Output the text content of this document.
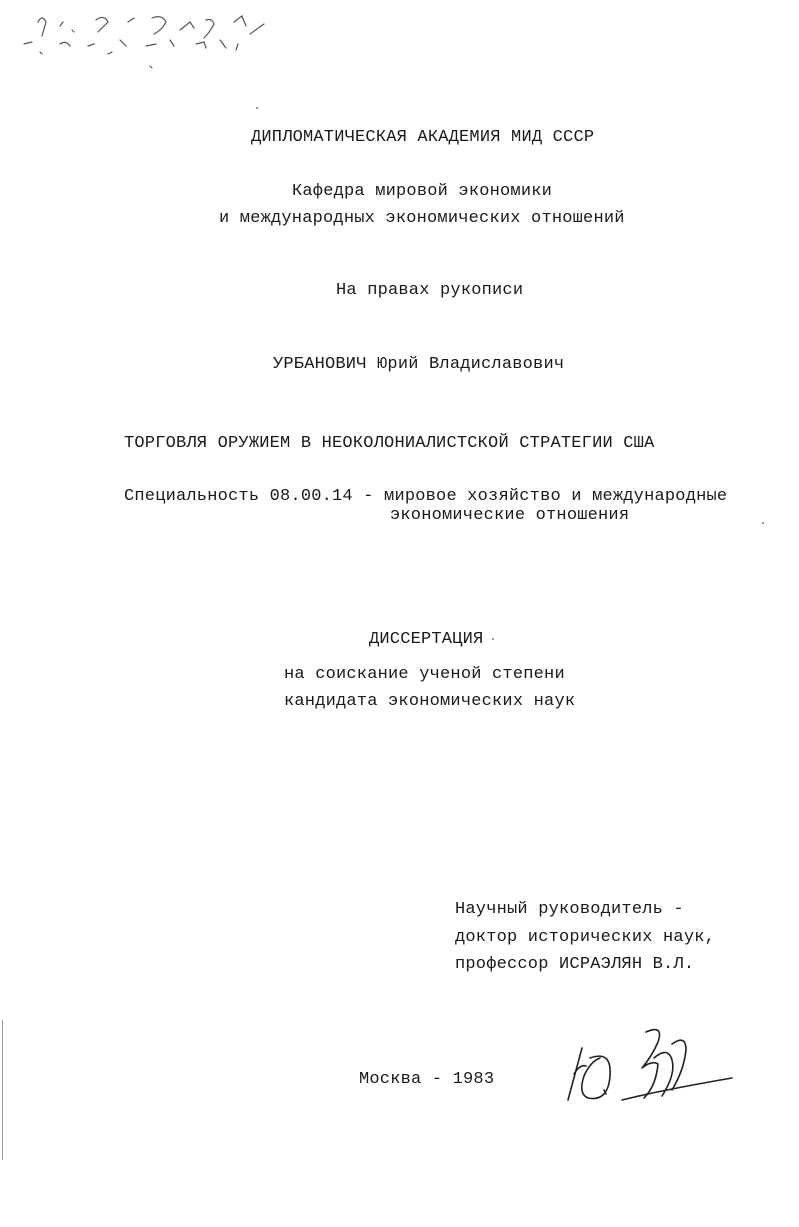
ДИПЛОМАТИЧЕСКАЯ АКАДЕМИЯ МИД СССР
Кафедра мировой экономики
и международных экономических отношений
На правах рукописи
УРБАНОВИЧ Юрий Владиславович
ТОРГОВЛЯ ОРУЖИЕМ В НЕОКОЛОНИАЛИСТСКОЙ СТРАТЕГИИ США
Специальность 08.00.14 - мировое хозяйство и международные
экономические отношения
ДИССЕРТАЦИЯ
на соискание ученой степени
кандидата экономических наук
Научный руководитель -
доктор исторических наук,
профессор ИСРАЭЛЯН В.Л.
Москва - 1983
